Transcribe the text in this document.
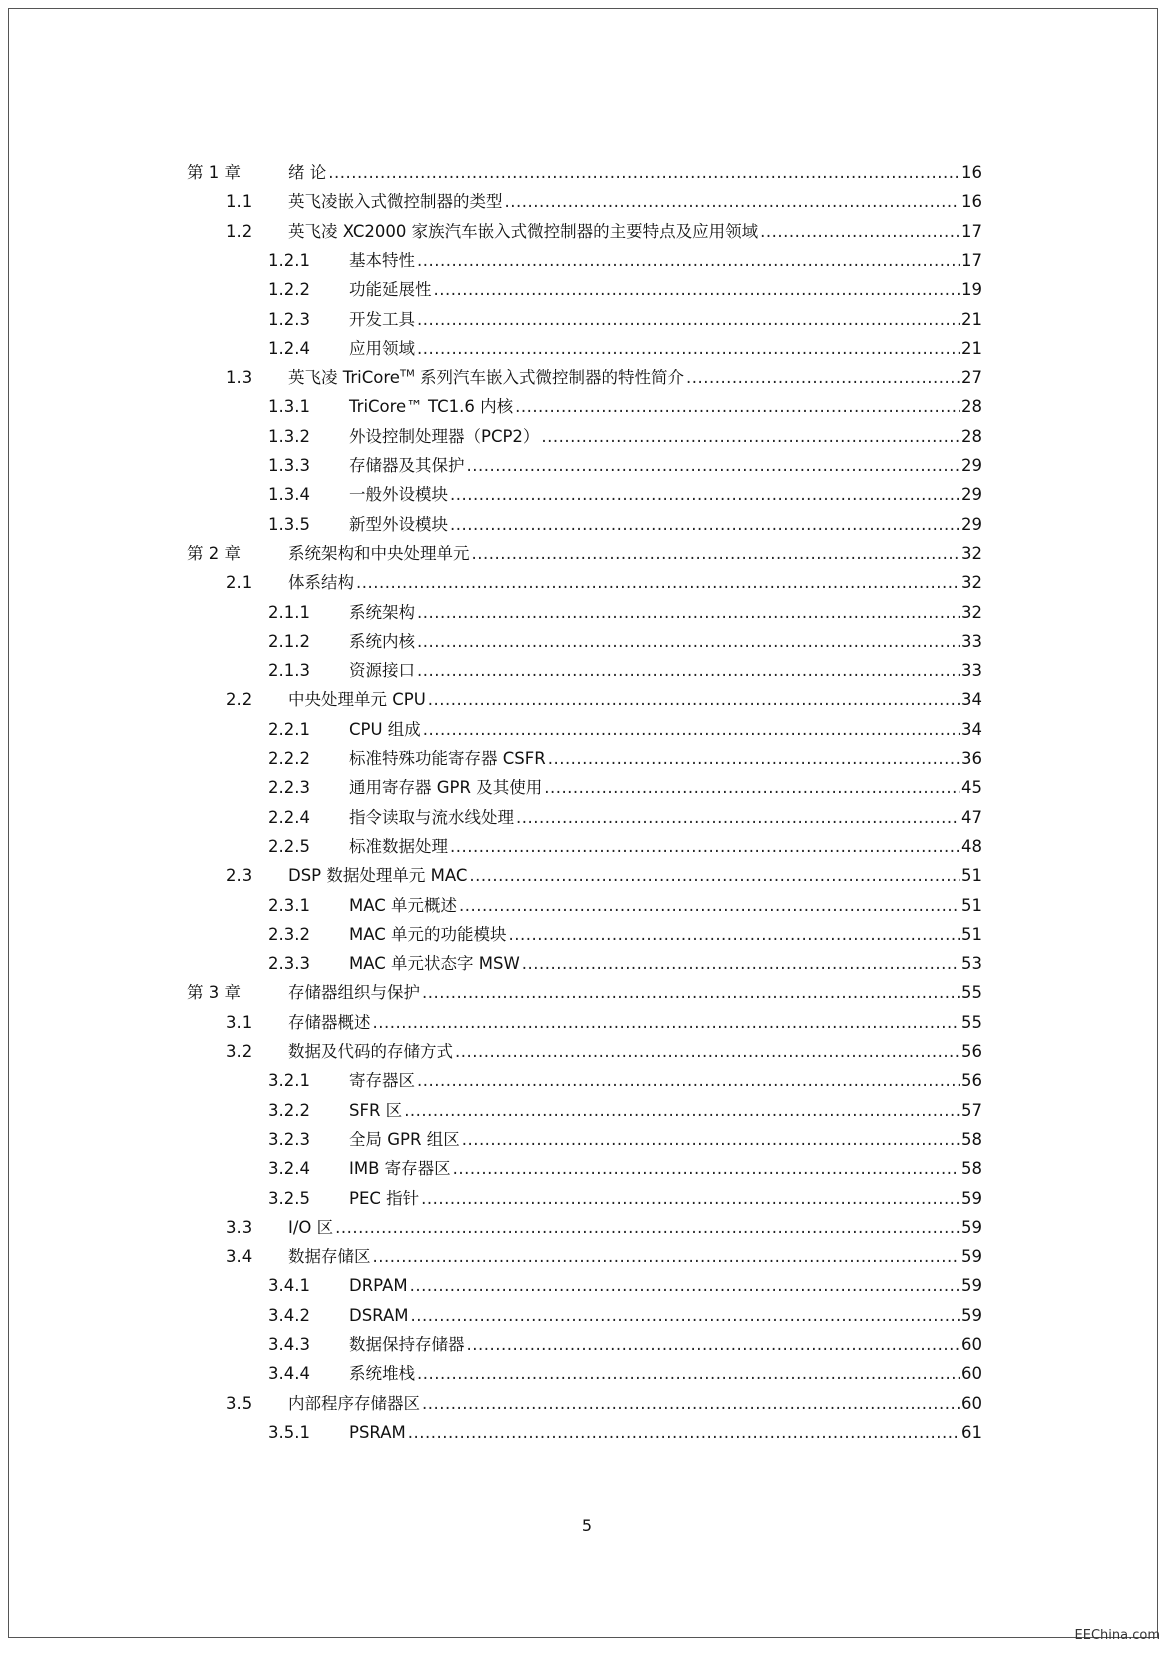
第 1 章	绪 论 .....	16
1.1 英飞凌嵌入式微控制器的类型 .....	16
1.2 英飞凌 XC2000 家族汽车嵌入式微控制器的主要特点及应用领域 .....	17
1.2.1 基本特性 .....	17
1.2.2 功能延展性 .....	19
1.2.3 开发工具 .....	21
1.2.4 应用领域 .....	21
1.3 英飞凌 TriCore™ 系列汽车嵌入式微控制器的特性简介 .....	27
1.3.1 TriCore™ TC1.6 内核 .....	28
1.3.2 外设控制处理器（PCP2） .....	28
1.3.3 存储器及其保护 .....	29
1.3.4 一般外设模块 .....	29
1.3.5 新型外设模块 .....	29
第 2 章	系统架构和中央处理单元 .....	32
2.1 体系结构 .....	32
2.1.1 系统架构 .....	32
2.1.2 系统内核 .....	33
2.1.3 资源接口 .....	33
2.2 中央处理单元 CPU .....	34
2.2.1 CPU 组成 .....	34
2.2.2 标准特殊功能寄存器 CSFR .....	36
2.2.3 通用寄存器 GPR 及其使用 .....	45
2.2.4 指令读取与流水线处理 .....	47
2.2.5 标准数据处理 .....	48
2.3 DSP 数据处理单元 MAC .....	51
2.3.1 MAC 单元概述 .....	51
2.3.2 MAC 单元的功能模块 .....	51
2.3.3 MAC 单元状态字 MSW .....	53
第 3 章	存储器组织与保护 .....	55
3.1 存储器概述 .....	55
3.2 数据及代码的存储方式 .....	56
3.2.1 寄存器区 .....	56
3.2.2 SFR 区 .....	57
3.2.3 全局 GPR 组区 .....	58
3.2.4 IMB 寄存器区 .....	58
3.2.5 PEC 指针 .....	59
3.3 I/O 区 .....	59
3.4 数据存储区 .....	59
3.4.1 DRPAM .....	59
3.4.2 DSRAM .....	59
3.4.3 数据保持存储器 .....	60
3.4.4 系统堆栈 .....	60
3.5 内部程序存储器区 .....	60
3.5.1 PSRAM .....	61
5
EEChina.com
